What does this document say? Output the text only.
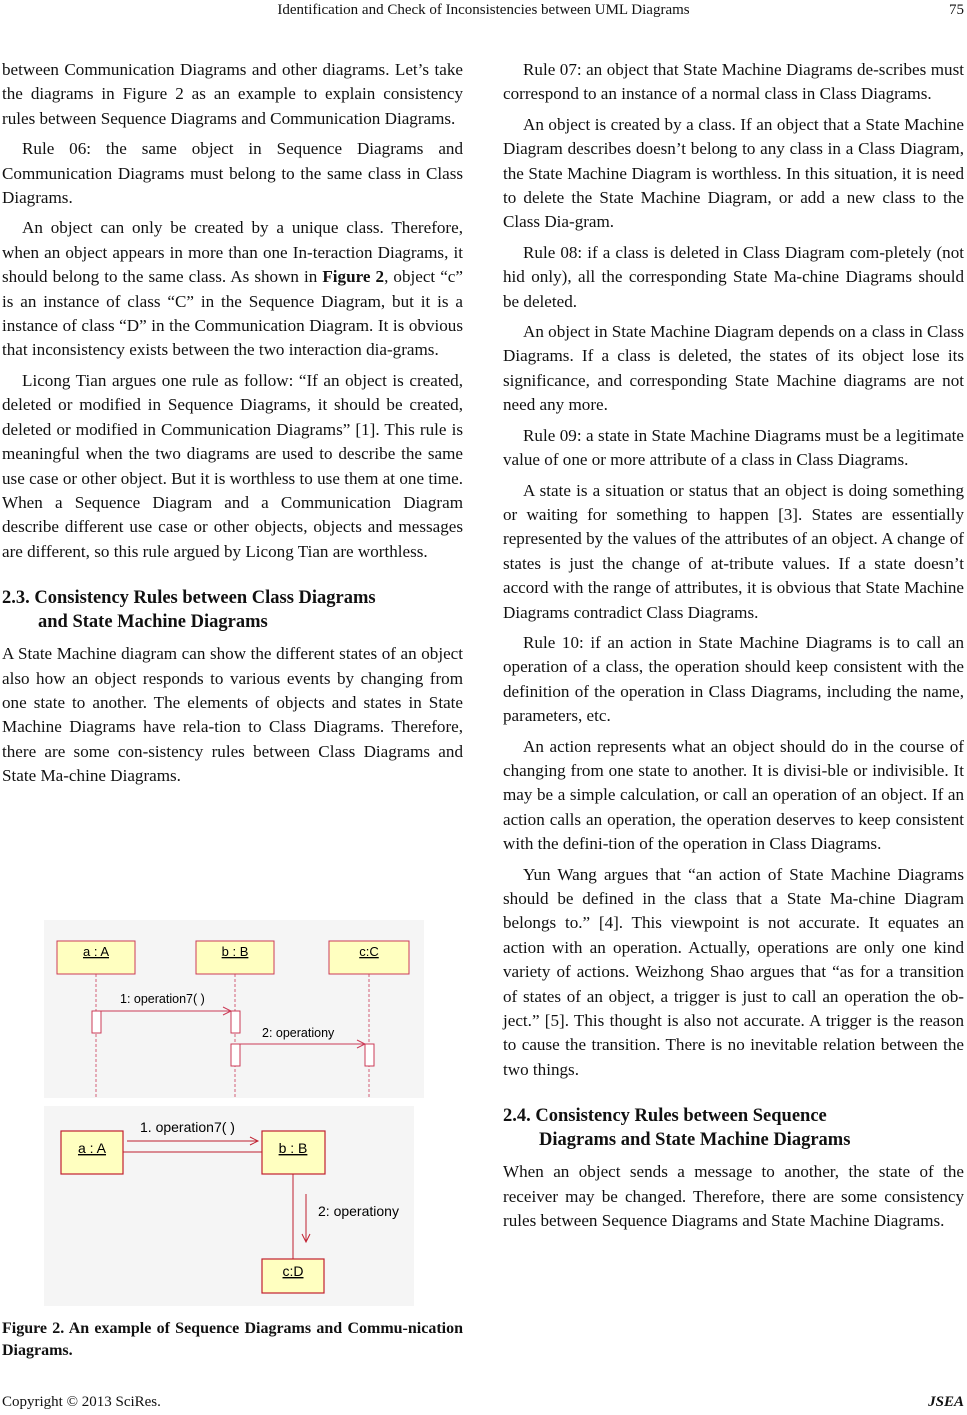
Identification and Check of Inconsistencies between UML Diagrams	75

between Communication Diagrams and other diagrams. Let’s take the diagrams in Figure 2 as an example to explain consistency rules between Sequence Diagrams and Communication Diagrams.

Rule 06: the same object in Sequence Diagrams and Communication Diagrams must belong to the same class in Class Diagrams.

An object can only be created by a unique class. Therefore, when an object appears in more than one In-teraction Diagrams, it should belong to the same class. As shown in Figure 2, object “c” is an instance of class “C” in the Sequence Diagram, but it is a instance of class “D” in the Communication Diagram. It is obvious that inconsistency exists between the two interaction dia-grams.

Licong Tian argues one rule as follow: “If an object is created, deleted or modified in Sequence Diagrams, it should be created, deleted or modified in Communication Diagrams” [1]. This rule is meaningful when the two diagrams are used to describe the same use case or other object. But it is worthless to use them at one time. When a Sequence Diagram and a Communication Diagram describe different use case or other objects, objects and messages are different, so this rule argued by Licong Tian are worthless.

2.3. Consistency Rules between Class Diagrams
and State Machine Diagrams

A State Machine diagram can show the different states of an object also how an object responds to various events by changing from one state to another. The elements of objects and states in State Machine Diagrams have rela-tion to Class Diagrams. Therefore, there are some con-sistency rules between Class Diagrams and State Ma-chine Diagrams.

a : A	b : B	c:C
1: operation7( )
2: operationy
a : A	b : B
c:D
1. operation7( )
2: operationy
Figure 2. An example of Sequence Diagrams and Commu-nication Diagrams.

Rule 07: an object that State Machine Diagrams de-scribes must correspond to an instance of a normal class in Class Diagrams.

An object is created by a class. If an object that a State Machine Diagram describes doesn’t belong to any class in a Class Diagram, the State Machine Diagram is worthless. In this situation, it is need to delete the State Machine Diagram, or add a new class to the Class Dia-gram.

Rule 08: if a class is deleted in Class Diagram com-pletely (not hid only), all the corresponding State Ma-chine Diagrams should be deleted.

An object in State Machine Diagram depends on a class in Class Diagrams. If a class is deleted, the states of its object lose its significance, and corresponding State Machine diagrams are not need any more.

Rule 09: a state in State Machine Diagrams must be a legitimate value of one or more attribute of a class in Class Diagrams.

A state is a situation or status that an object is doing something or waiting for something to happen [3]. States are essentially represented by the values of the attributes of an object. A change of states is just the change of at-tribute values. If a state doesn’t accord with the range of attributes, it is obvious that State Machine Diagrams contradict Class Diagrams.

Rule 10: if an action in State Machine Diagrams is to call an operation of a class, the operation should keep consistent with the definition of the operation in Class Diagrams, including the name, parameters, etc.

An action represents what an object should do in the course of changing from one state to another. It is divisi-ble or indivisible. It may be a simple calculation, or call an operation of an object. If an action calls an operation, the operation deserves to keep consistent with the defini-tion of the operation in Class Diagrams.

Yun Wang argues that “an action of State Machine Diagrams should be defined in the class that a State Ma-chine Diagram belongs to.” [4]. This viewpoint is not accurate. It equates an action with an operation. Actually, operations are only one kind variety of actions. Weizhong Shao argues that “as for a transition of states of an object, a trigger is just to call an operation the ob-ject.” [5]. This thought is also not accurate. A trigger is the reason to cause the transition. There is no inevitable relation between the two things.

2.4. Consistency Rules between Sequence
Diagrams and State Machine Diagrams

When an object sends a message to another, the state of the receiver may be changed. Therefore, there are some consistency rules between Sequence Diagrams and State Machine Diagrams.

Copyright © 2013 SciRes.	JSEA
